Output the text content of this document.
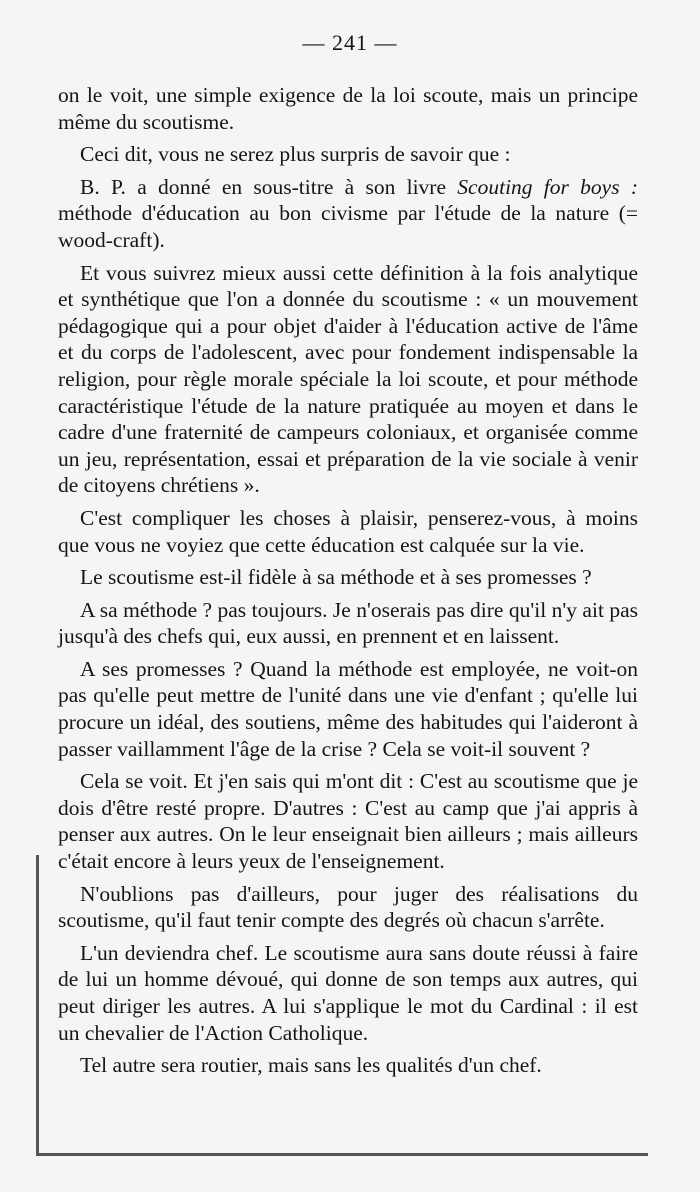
— 241 —

on le voit, une simple exigence de la loi scoute, mais un principe même du scoutisme.

Ceci dit, vous ne serez plus surpris de savoir que :

B. P. a donné en sous-titre à son livre Scouting for boys : méthode d'éducation au bon civisme par l'étude de la nature (= wood-craft).

Et vous suivrez mieux aussi cette définition à la fois analytique et synthétique que l'on a donnée du scoutisme : « un mouvement pédagogique qui a pour objet d'aider à l'éducation active de l'âme et du corps de l'adolescent, avec pour fondement indispensable la religion, pour règle morale spéciale la loi scoute, et pour méthode caractéristique l'étude de la nature pratiquée au moyen et dans le cadre d'une fraternité de campeurs coloniaux, et organisée comme un jeu, représentation, essai et préparation de la vie sociale à venir de citoyens chrétiens ».

C'est compliquer les choses à plaisir, penserez-vous, à moins que vous ne voyiez que cette éducation est calquée sur la vie.

Le scoutisme est-il fidèle à sa méthode et à ses promesses ?

A sa méthode ? pas toujours. Je n'oserais pas dire qu'il n'y ait pas jusqu'à des chefs qui, eux aussi, en prennent et en laissent.

A ses promesses ? Quand la méthode est employée, ne voit-on pas qu'elle peut mettre de l'unité dans une vie d'enfant ; qu'elle lui procure un idéal, des soutiens, même des habitudes qui l'aideront à passer vaillamment l'âge de la crise ? Cela se voit-il souvent ?

Cela se voit. Et j'en sais qui m'ont dit : C'est au scoutisme que je dois d'être resté propre. D'autres : C'est au camp que j'ai appris à penser aux autres. On le leur enseignait bien ailleurs ; mais ailleurs c'était encore à leurs yeux de l'enseignement.

N'oublions pas d'ailleurs, pour juger des réalisations du scoutisme, qu'il faut tenir compte des degrés où chacun s'arrête.

L'un deviendra chef. Le scoutisme aura sans doute réussi à faire de lui un homme dévoué, qui donne de son temps aux autres, qui peut diriger les autres. A lui s'applique le mot du Cardinal : il est un chevalier de l'Action Catholique.

Tel autre sera routier, mais sans les qualités d'un chef.
